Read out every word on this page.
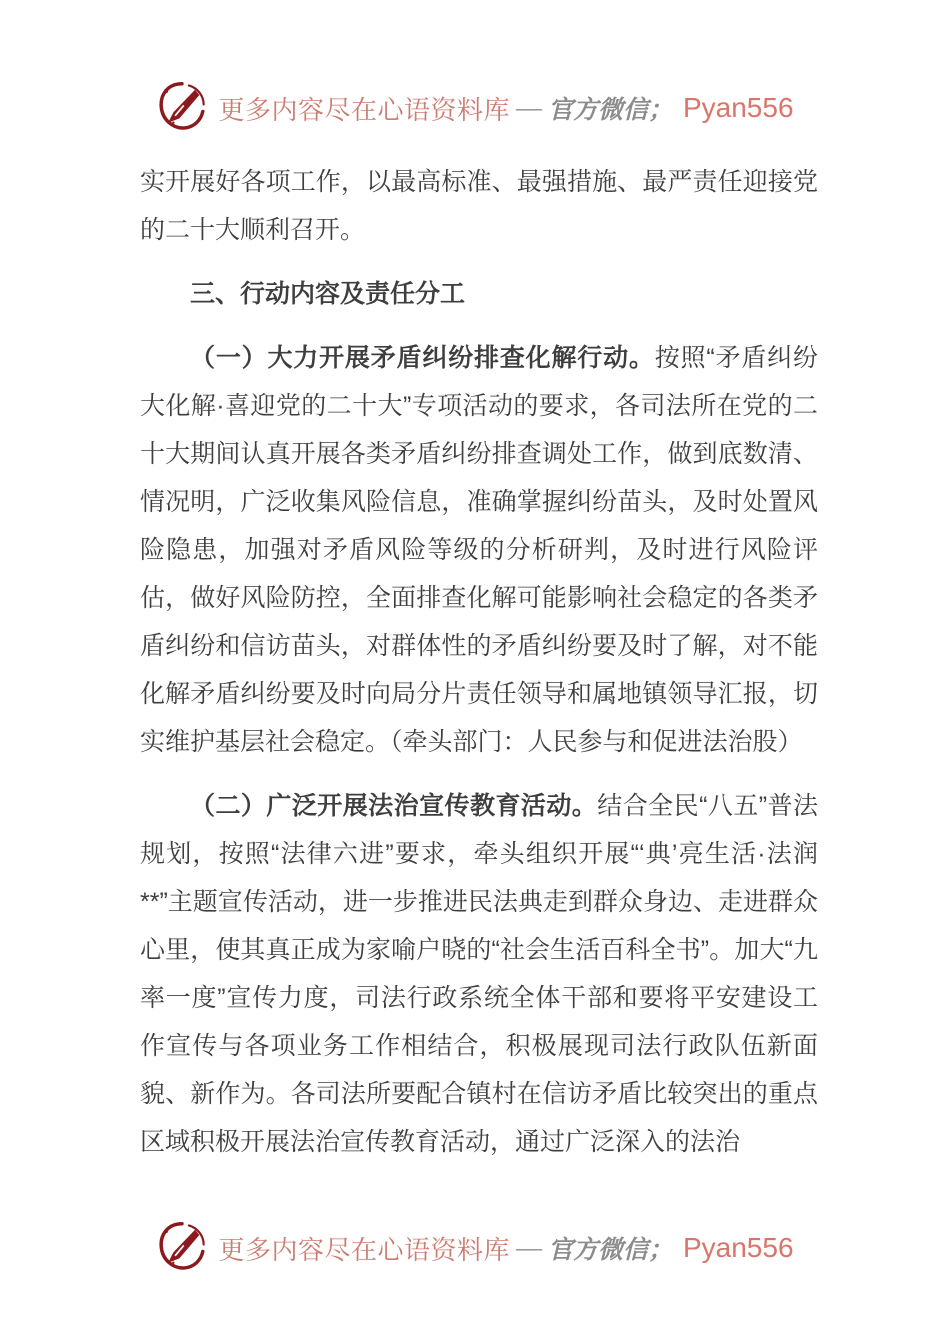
更多内容尽在心语资料库 — 官方微信； Pyan556

实开展好各项工作，以最高标准、最强措施、最严责任迎接党的二十大顺利召开。

三、行动内容及责任分工

（一）大力开展矛盾纠纷排查化解行动。按照“矛盾纠纷大化解·喜迎党的二十大”专项活动的要求，各司法所在党的二十大期间认真开展各类矛盾纠纷排查调处工作，做到底数清、情况明，广泛收集风险信息，准确掌握纠纷苗头，及时处置风险隐患，加强对矛盾风险等级的分析研判，及时进行风险评估，做好风险防控，全面排查化解可能影响社会稳定的各类矛盾纠纷和信访苗头，对群体性的矛盾纠纷要及时了解，对不能化解矛盾纠纷要及时向局分片责任领导和属地镇领导汇报，切实维护基层社会稳定。（牵头部门：人民参与和促进法治股）

（二）广泛开展法治宣传教育活动。结合全民“八五”普法规划，按照“法律六进”要求，牵头组织开展“‘典’亮生活·法润**”主题宣传活动，进一步推进民法典走到群众身边、走进群众心里，使其真正成为家喻户晓的“社会生活百科全书”。加大“九率一度”宣传力度，司法行政系统全体干部和要将平安建设工作宣传与各项业务工作相结合，积极展现司法行政队伍新面貌、新作为。各司法所要配合镇村在信访矛盾比较突出的重点区域积极开展法治宣传教育活动，通过广泛深入的法治

更多内容尽在心语资料库 — 官方微信； Pyan556
